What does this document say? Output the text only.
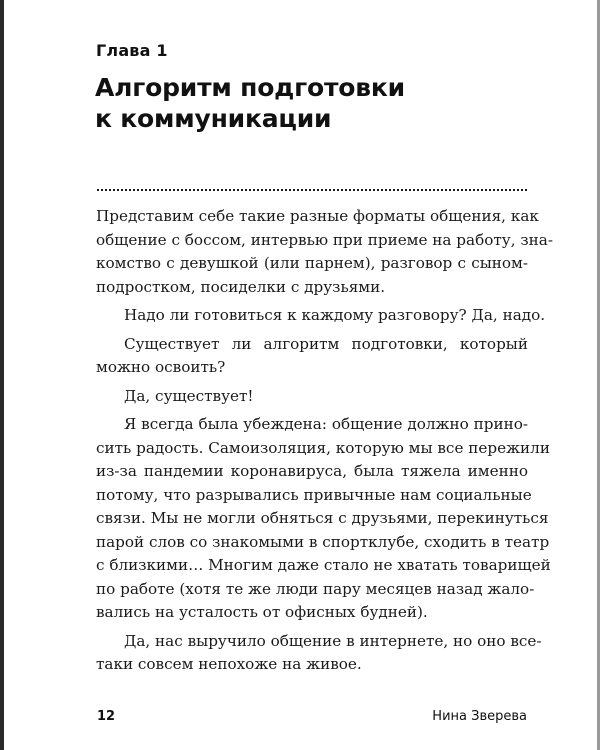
Глава 1

Алгоритм подготовки
к коммуникации

Представим себе такие разные форматы общения, как
общение с боссом, интервью при приеме на работу, зна-
комство с девушкой (или парнем), разговор с сыном-
подростком, посиделки с друзьями.

Надо ли готовиться к каждому разговору? Да, надо.

Существует ли алгоритм подготовки, который
можно освоить?

Да, существует!

Я всегда была убеждена: общение должно прино-
сить радость. Самоизоляция, которую мы все пережили
из-за пандемии коронавируса, была тяжела именно
потому, что разрывались привычные нам социальные
связи. Мы не могли обняться с друзьями, перекинуться
парой слов со знакомыми в спортклубе, сходить в театр
с близкими… Многим даже стало не хватать товарищей
по работе (хотя те же люди пару месяцев назад жало-
вались на усталость от офисных будней).

Да, нас выручило общение в интернете, но оно все-
таки совсем непохоже на живое.

12	Нина Зверева
